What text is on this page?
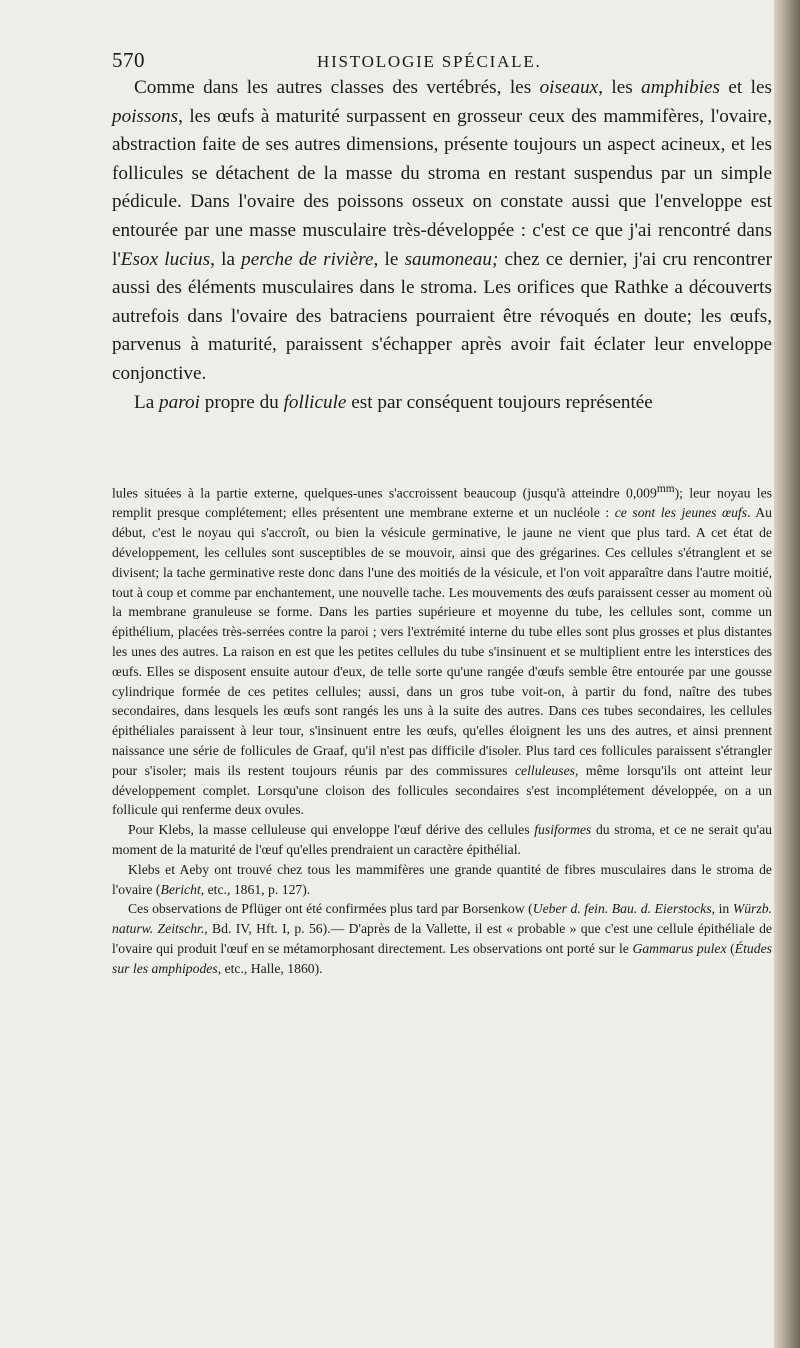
570	HISTOLOGIE SPÉCIALE.

Comme dans les autres classes des vertébrés, les oiseaux, les amphibies et les poissons, les œufs à maturité surpassent en grosseur ceux des mammifères, l'ovaire, abstraction faite de ses autres dimensions, présente toujours un aspect acineux, et les follicules se détachent de la masse du stroma en restant suspendus par un simple pédicule. Dans l'ovaire des poissons osseux on constate aussi que l'enveloppe est entourée par une masse musculaire très-développée : c'est ce que j'ai rencontré dans l'Esox lucius, la perche de rivière, le saumoneau; chez ce dernier, j'ai cru rencontrer aussi des éléments musculaires dans le stroma. Les orifices que Rathke a découverts autrefois dans l'ovaire des batraciens pourraient être révoqués en doute; les œufs, parvenus à maturité, paraissent s'échapper après avoir fait éclater leur enveloppe conjonctive.

La paroi propre du follicule est par conséquent toujours représentée

lules situées à la partie externe, quelques-unes s'accroissent beaucoup (jusqu'à atteindre $0,009^{mm}$); leur noyau les remplit presque complétement; elles présentent une membrane externe et un nucléole : ce sont les jeunes œufs. Au début, c'est le noyau qui s'accroît, ou bien la vésicule germinative, le jaune ne vient que plus tard. A cet état de développement, les cellules sont susceptibles de se mouvoir, ainsi que des grégarines. Ces cellules s'étranglent et se divisent; la tache germinative reste donc dans l'une des moitiés de la vésicule, et l'on voit apparaître dans l'autre moitié, tout à coup et comme par enchantement, une nouvelle tache. Les mouvements des œufs paraissent cesser au moment où la membrane granuleuse se forme. Dans les parties supérieure et moyenne du tube, les cellules sont, comme un épithélium, placées très-serrées contre la paroi ; vers l'extrémité interne du tube elles sont plus grosses et plus distantes les unes des autres. La raison en est que les petites cellules du tube s'insinuent et se multiplient entre les interstices des œufs. Elles se disposent ensuite autour d'eux, de telle sorte qu'une rangée d'œufs semble être entourée par une gousse cylindrique formée de ces petites cellules; aussi, dans un gros tube voit-on, à partir du fond, naître des tubes secondaires, dans lesquels les œufs sont rangés les uns à la suite des autres. Dans ces tubes secondaires, les cellules épithéliales paraissent à leur tour, s'insinuent entre les œufs, qu'elles éloignent les uns des autres, et ainsi prennent naissance une série de follicules de Graaf, qu'il n'est pas difficile d'isoler. Plus tard ces follicules paraissent s'étrangler pour s'isoler; mais ils restent toujours réunis par des commissures celluleuses, même lorsqu'ils ont atteint leur développement complet. Lorsqu'une cloison des follicules secondaires s'est incomplétement développée, on a un follicule qui renferme deux ovules.

Pour Klebs, la masse celluleuse qui enveloppe l'œuf dérive des cellules fusiformes du stroma, et ce ne serait qu'au moment de la maturité de l'œuf qu'elles prendraient un caractère épithélial.

Klebs et Aeby ont trouvé chez tous les mammifères une grande quantité de fibres musculaires dans le stroma de l'ovaire (Bericht, etc., 1861, p. 127).

Ces observations de Pflüger ont été confirmées plus tard par Borsenkow (Ueber d. fein. Bau. d. Eierstocks, in Würzb. naturw. Zeitschr., Bd. IV, Hft. I, p. 56).— D'après de la Vallette, il est « probable » que c'est une cellule épithéliale de l'ovaire qui produit l'œuf en se métamorphosant directement. Les observations ont porté sur le Gammarus pulex (Études sur les amphipodes, etc., Halle, 1860).
